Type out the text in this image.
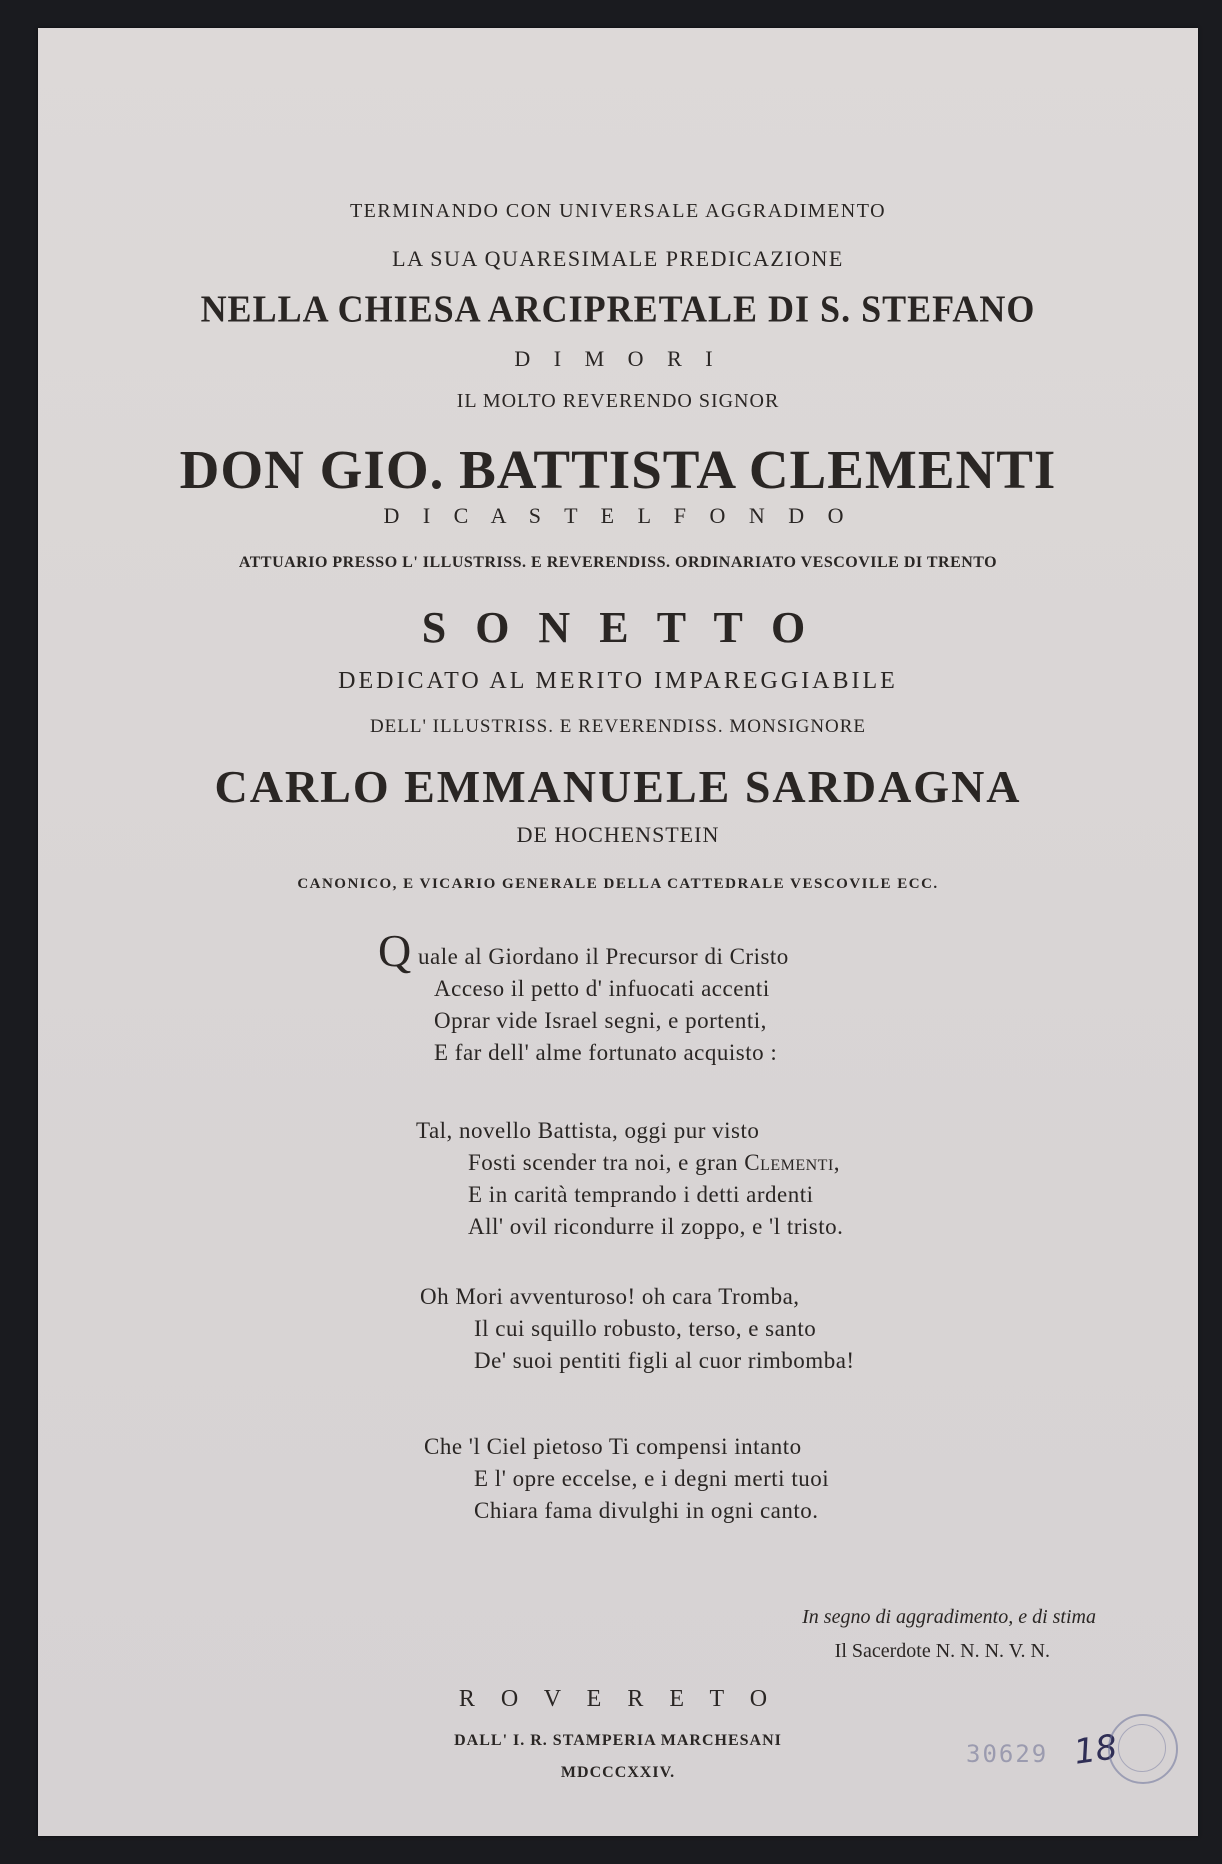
TERMINANDO CON UNIVERSALE AGGRADIMENTO
LA SUA QUARESIMALE PREDICAZIONE
NELLA CHIESA ARCIPRETALE DI S. STEFANO
D I M O R I
IL MOLTO REVERENDO SIGNOR
DON GIO. BATTISTA CLEMENTI
D I C A S T E L F O N D O
ATTUARIO PRESSO L' ILLUSTRISS. E REVERENDISS. ORDINARIATO VESCOVILE DI TRENTO
S O N E T T O
DEDICATO AL MERITO IMPAREGGIABILE
DELL' ILLUSTRISS. E REVERENDISS. MONSIGNORE
CARLO EMMANUELE SARDAGNA
DE HOCHENSTEIN
CANONICO, E VICARIO GENERALE DELLA CATTEDRALE VESCOVILE ECC.
Q uale al Giordano il Precursor di Cristo
Acceso il petto d' infuocati accenti
Oprar vide Israel segni, e portenti,
E far dell' alme fortunato acquisto :
Tal, novello Battista, oggi pur visto
Fosti scender tra noi, e gran Clementi,
E in carità temprando i detti ardenti
All' ovil ricondurre il zoppo, e 'l tristo.
Oh Mori avventuroso! oh cara Tromba,
Il cui squillo robusto, terso, e santo
De' suoi pentiti figli al cuor rimbomba!
Che 'l Ciel pietoso Ti compensi intanto
E l' opre eccelse, e i degni merti tuoi
Chiara fama divulghi in ogni canto.
In segno di aggradimento, e di stima
Il Sacerdote N. N. N. V. N.
R O V E R E T O
DALL' I. R. STAMPERIA MARCHESANI
MDCCCXXIV.
30629 18
